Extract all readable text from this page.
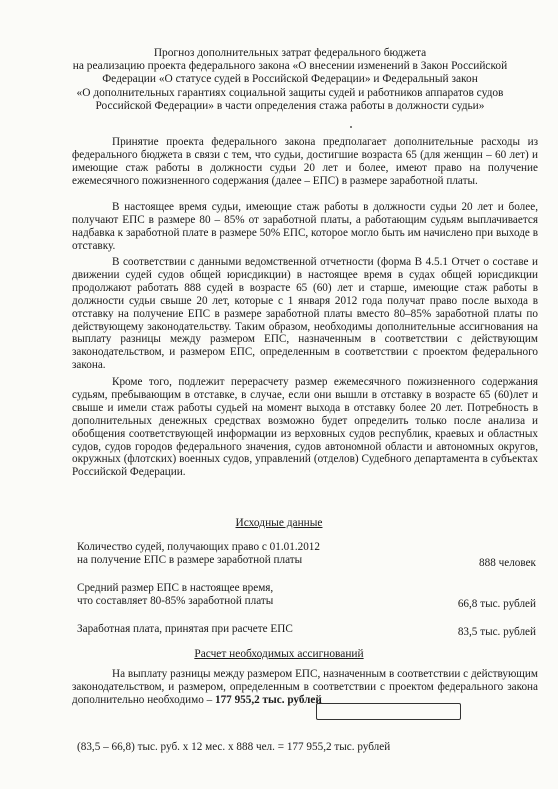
Прогноз дополнительных затрат федерального бюджета
на реализацию проекта федерального закона «О внесении изменений в Закон Российской
Федерации «О статусе судей в Российской Федерации» и Федеральный закон
«О дополнительных гарантиях социальной защиты судей и работников аппаратов судов
Российской Федерации» в части определения стажа работы в должности судьи»
Принятие проекта федерального закона предполагает дополнительные расходы из федерального бюджета в связи с тем, что судьи, достигшие возраста 65 (для женщин – 60 лет) и имеющие стаж работы в должности судьи 20 лет и более, имеют право на получение ежемесячного пожизненного содержания (далее – ЕПС) в размере заработной платы.
В настоящее время судьи, имеющие стаж работы в должности судьи 20 лет и более, получают ЕПС в размере 80 – 85% от заработной платы, а работающим судьям выплачивается надбавка к заработной плате в размере 50% ЕПС, которое могло быть им начислено при выходе в отставку.
В соответствии с данными ведомственной отчетности (форма В 4.5.1 Отчет о составе и движении судей судов общей юрисдикции) в настоящее время в судах общей юрисдикции продолжают работать 888 судей в возрасте 65 (60) лет и старше, имеющие стаж работы в должности судьи свыше 20 лет, которые с 1 января 2012 года получат право после выхода в отставку на получение ЕПС в размере заработной платы вместо 80–85% заработной платы по действующему законодательству. Таким образом, необходимы дополнительные ассигнования на выплату разницы между размером ЕПС, назначенным в соответствии с действующим законодательством, и размером ЕПС, определенным в соответствии с проектом федерального закона.
Кроме того, подлежит перерасчету размер ежемесячного пожизненного содержания судьям, пребывающим в отставке, в случае, если они вышли в отставку в возрасте 65 (60)лет и свыше и имели стаж работы судьей на момент выхода в отставку более 20 лет. Потребность в дополнительных денежных средствах возможно будет определить только после анализа и обобщения соответствующей информации из верховных судов республик, краевых и областных судов, судов городов федерального значения, судов автономной области и автономных округов, окружных (флотских) военных судов, управлений (отделов) Судебного департамента в субъектах Российской Федерации.
Исходные данные
Количество судей, получающих право с 01.01.2012
на получение ЕПС в размере заработной платы	888 человек
Средний размер ЕПС в настоящее время,
что составляет 80-85% заработной платы	66,8 тыс. рублей
Заработная плата, принятая при расчете ЕПС	83,5 тыс. рублей
Расчет необходимых ассигнований
На выплату разницы между размером ЕПС, назначенным в соответствии с действующим законодательством, и размером, определенным в соответствии с проектом федерального закона дополнительно необходимо – 177 955,2 тыс. рублей
(83,5 – 66,8) тыс. руб. х 12 мес. х 888 чел. = 177 955,2 тыс. рублей
